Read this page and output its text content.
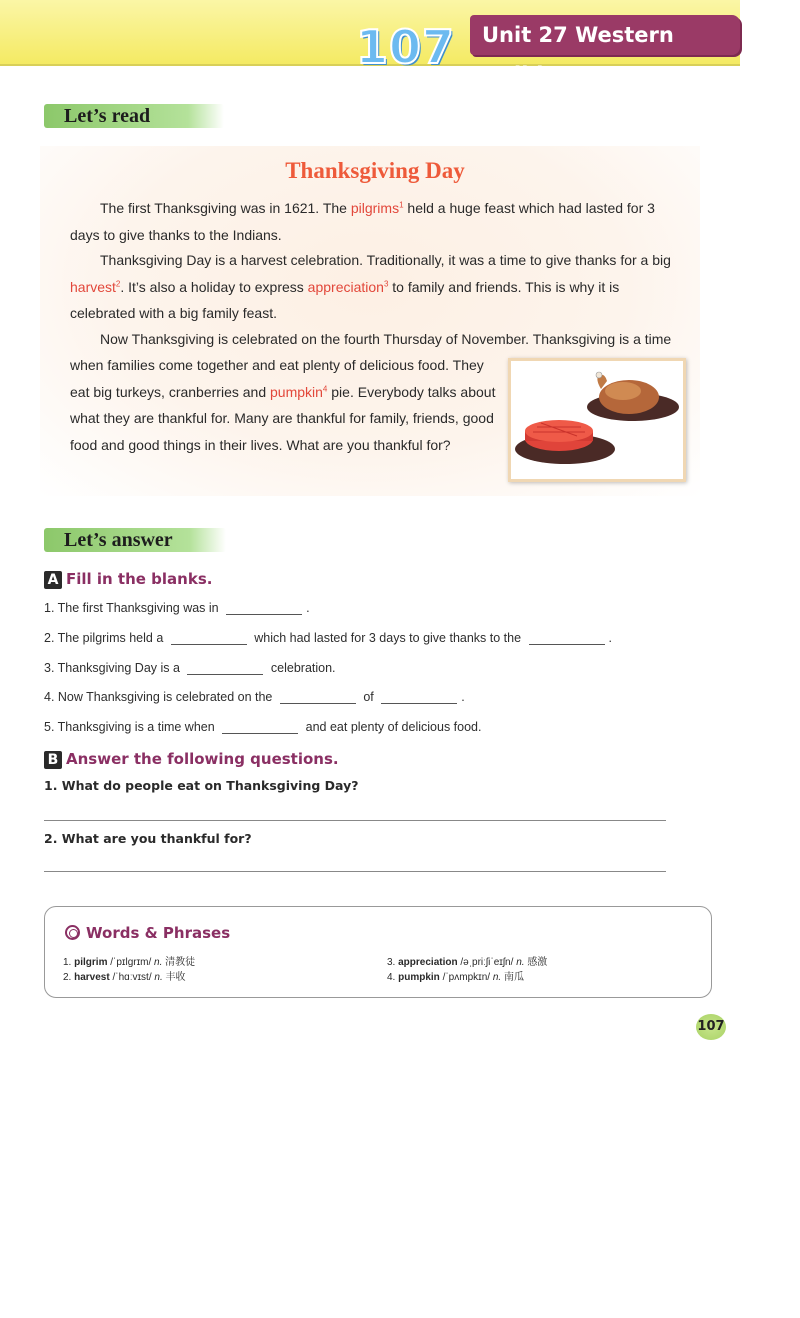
107	Unit 27 Western Holiday
Let’s read
Thanksgiving Day
The first Thanksgiving was in 1621. The pilgrims$^1$ held a huge feast which had lasted for 3 days to give thanks to the Indians.
Thanksgiving Day is a harvest celebration. Traditionally, it was a time to give thanks for a big harvest$^2$. It’s also a holiday to express appreciation$^3$ to family and friends. This is why it is celebrated with a big family feast.
Now Thanksgiving is celebrated on the fourth Thursday of November. Thanksgiving is a time
when families come together and eat plenty of delicious food. They eat big turkeys, cranberries and pumpkin$^4$ pie. Everybody talks about what they are thankful for. Many are thankful for family, friends, good food and good things in their lives. What are you thankful for?
Let’s answer
A Fill in the blanks.
1. The first Thanksgiving was in	.
2. The pilgrims held a	which had lasted for 3 days to give thanks to the	.
3. Thanksgiving Day is a	celebration.
4. Now Thanksgiving is celebrated on the	of	.
5. Thanksgiving is a time when	and eat plenty of delicious food.
B Answer the following questions.
1. What do people eat on Thanksgiving Day?
2. What are you thankful for?
Words & Phrases
1. pilgrim /ˈpɪlɡrɪm/ n. 清教徒
2. harvest /ˈhɑːvɪst/ n. 丰收
3. appreciation /əˌpriːʃiˈeɪʃn/ n. 感激
4. pumpkin /ˈpʌmpkɪn/ n. 南瓜
107
